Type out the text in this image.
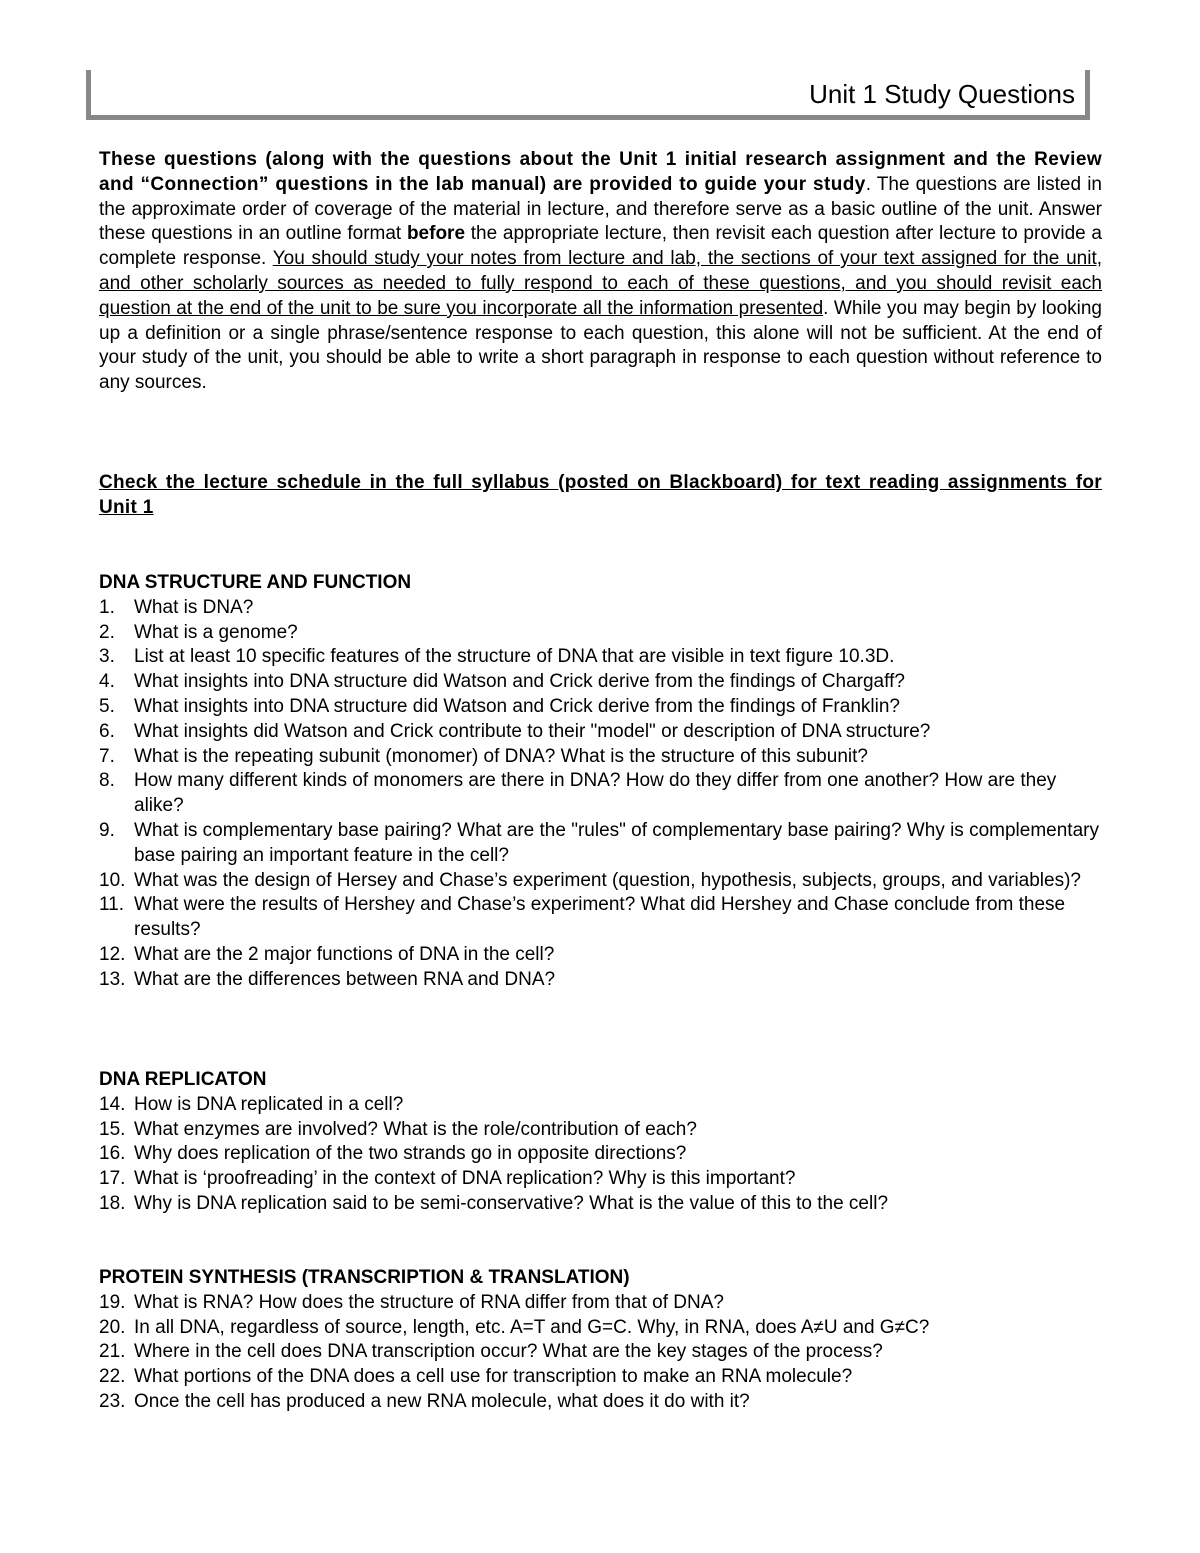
Unit 1 Study Questions

These questions (along with the questions about the Unit 1 initial research assignment and the Review and “Connection” questions in the lab manual) are provided to guide your study. The questions are listed in the approximate order of coverage of the material in lecture, and therefore serve as a basic outline of the unit. Answer these questions in an outline format before the appropriate lecture, then revisit each question after lecture to provide a complete response. You should study your notes from lecture and lab, the sections of your text assigned for the unit, and other scholarly sources as needed to fully respond to each of these questions, and you should revisit each question at the end of the unit to be sure you incorporate all the information presented. While you may begin by looking up a definition or a single phrase/sentence response to each question, this alone will not be sufficient. At the end of your study of the unit, you should be able to write a short paragraph in response to each question without reference to any sources.

Check the lecture schedule in the full syllabus (posted on Blackboard) for text reading assignments for Unit 1

DNA STRUCTURE AND FUNCTION
1. What is DNA?
2. What is a genome?
3. List at least 10 specific features of the structure of DNA that are visible in text figure 10.3D.
4. What insights into DNA structure did Watson and Crick derive from the findings of Chargaff?
5. What insights into DNA structure did Watson and Crick derive from the findings of Franklin?
6. What insights did Watson and Crick contribute to their "model" or description of DNA structure?
7. What is the repeating subunit (monomer) of DNA? What is the structure of this subunit?
8. How many different kinds of monomers are there in DNA? How do they differ from one another? How are they alike?
9. What is complementary base pairing? What are the "rules" of complementary base pairing? Why is complementary base pairing an important feature in the cell?
10. What was the design of Hersey and Chase’s experiment (question, hypothesis, subjects, groups, and variables)?
11. What were the results of Hershey and Chase’s experiment? What did Hershey and Chase conclude from these results?
12. What are the 2 major functions of DNA in the cell?
13. What are the differences between RNA and DNA?
DNA REPLICATON
14. How is DNA replicated in a cell?
15. What enzymes are involved? What is the role/contribution of each?
16. Why does replication of the two strands go in opposite directions?
17. What is ‘proofreading’ in the context of DNA replication? Why is this important?
18. Why is DNA replication said to be semi-conservative? What is the value of this to the cell?
PROTEIN SYNTHESIS (TRANSCRIPTION & TRANSLATION)
19. What is RNA? How does the structure of RNA differ from that of DNA?
20. In all DNA, regardless of source, length, etc. A=T and G=C. Why, in RNA, does A≠U and G≠C?
21. Where in the cell does DNA transcription occur? What are the key stages of the process?
22. What portions of the DNA does a cell use for transcription to make an RNA molecule?
23. Once the cell has produced a new RNA molecule, what does it do with it?
